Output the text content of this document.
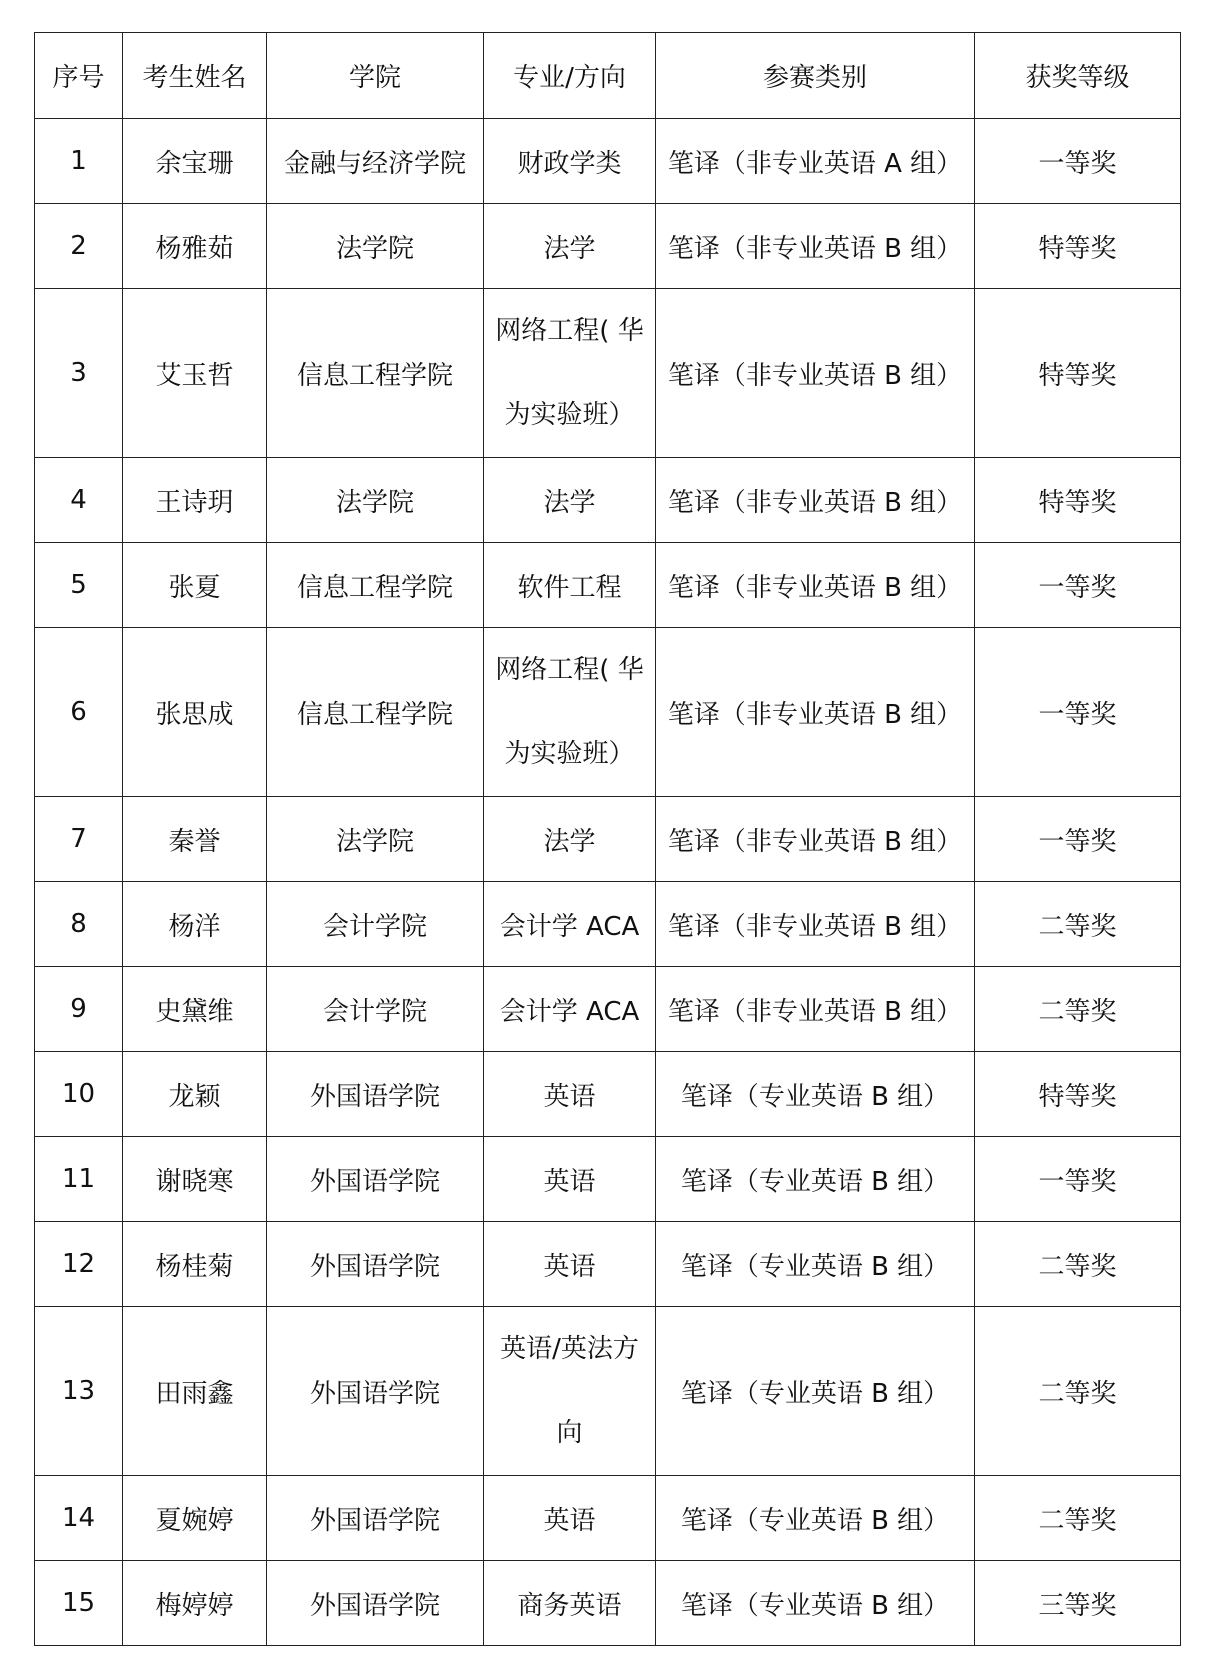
序号	考生姓名	学院	专业/方向	参赛类别	获奖等级
1	余宝珊	金融与经济学院	财政学类	笔译（非专业英语 A 组）	一等奖
2	杨雅茹	法学院	法学	笔译（非专业英语 B 组）	特等奖
3	艾玉哲	信息工程学院	网络工程( 华为实验班）	笔译（非专业英语 B 组）	特等奖
4	王诗玥	法学院	法学	笔译（非专业英语 B 组）	特等奖
5	张夏	信息工程学院	软件工程	笔译（非专业英语 B 组）	一等奖
6	张思成	信息工程学院	网络工程( 华为实验班）	笔译（非专业英语 B 组）	一等奖
7	秦誉	法学院	法学	笔译（非专业英语 B 组）	一等奖
8	杨洋	会计学院	会计学 ACA	笔译（非专业英语 B 组）	二等奖
9	史黛维	会计学院	会计学 ACA	笔译（非专业英语 B 组）	二等奖
10	龙颖	外国语学院	英语	笔译（专业英语 B 组）	特等奖
11	谢晓寒	外国语学院	英语	笔译（专业英语 B 组）	一等奖
12	杨桂菊	外国语学院	英语	笔译（专业英语 B 组）	二等奖
13	田雨鑫	外国语学院	英语/英法方向	笔译（专业英语 B 组）	二等奖
14	夏婉婷	外国语学院	英语	笔译（专业英语 B 组）	二等奖
15	梅婷婷	外国语学院	商务英语	笔译（专业英语 B 组）	三等奖
